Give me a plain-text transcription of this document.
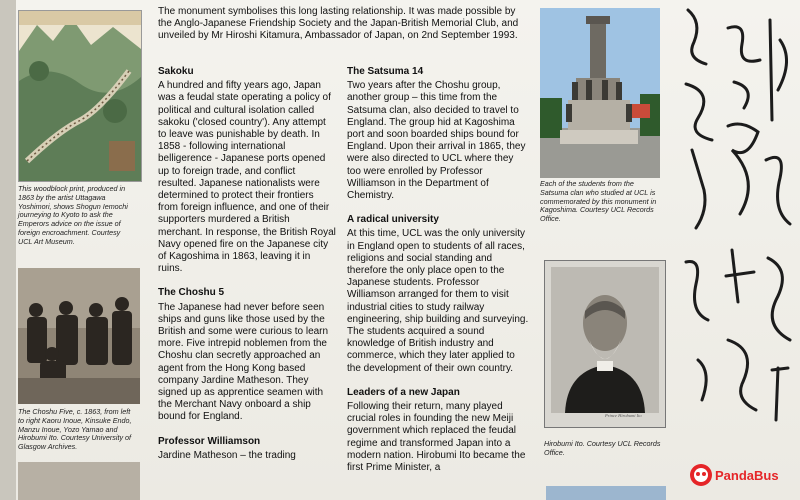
This woodblock print, produced in 1863 by the artist Uttagawa Yoshimori, shows Shogun Iemochi journeying to Kyoto to ask the Emperors advice on the issue of foreign encroachment. Courtesy UCL Art Museum.
The Choshu Five, c. 1863, from left to right Kaoru Inoue, Kinsuke Endo, Manzu Inoue, Yozo Yamao and Hirobumi Ito. Courtesy University of Glasgow Archives.
The monument symbolises this long lasting relationship. It was made possible by the Anglo-Japanese Friendship Society and the Japan-British Memorial Club, and unveiled by Mr Hiroshi Kitamura, Ambassador of Japan, on 2nd September 1993.
Sakoku

A hundred and fifty years ago, Japan was a feudal state operating a policy of political and cultural isolation called sakoku ('closed country'). Any attempt to leave was punishable by death. In 1858 - following international belligerence - Japanese ports opened up to foreign trade, and conflict resulted. Japanese nationalists were determined to protect their frontiers from foreign influence, and one of their supporters murdered a British merchant. In response, the British Royal Navy opened fire on the Japanese city of Kagoshima in 1863, leaving it in ruins.

The Choshu 5

The Japanese had never before seen ships and guns like those used by the British and some were curious to learn more. Five intrepid noblemen from the Choshu clan secretly approached an agent from the Hong Kong based company Jardine Matheson. They signed up as apprentice seamen with the Merchant Navy onboard a ship bound for England.

Professor Williamson

Jardine Matheson – the trading

The Satsuma 14

Two years after the Choshu group, another group – this time from the Satsuma clan, also decided to travel to England. The group hid at Kagoshima port and soon boarded ships bound for England. Upon their arrival in 1865, they were also directed to UCL where they too were enrolled by Professor Williamson in the Department of Chemistry.

A radical university

At this time, UCL was the only university in England open to students of all races, religions and social standing and therefore the only place open to the Japanese students. Professor Williamson arranged for them to visit industrial cities to study railway engineering, ship building and surveying. The students acquired a sound knowledge of British industry and commerce, which they later applied to the development of their own country.

Leaders of a new Japan

Following their return, many played crucial roles in founding the new Meiji government which replaced the feudal regime and transformed Japan into a modern nation. Hirobumi Ito became the first Prime Minister, a

Each of the students from the Satsuma clan who studied at UCL is commemorated by this monument in Kagoshima. Courtesy UCL Records Office.
Prince Hirobumi Ito
Hirobumi Ito. Courtesy UCL Records Office.
PandaBus
